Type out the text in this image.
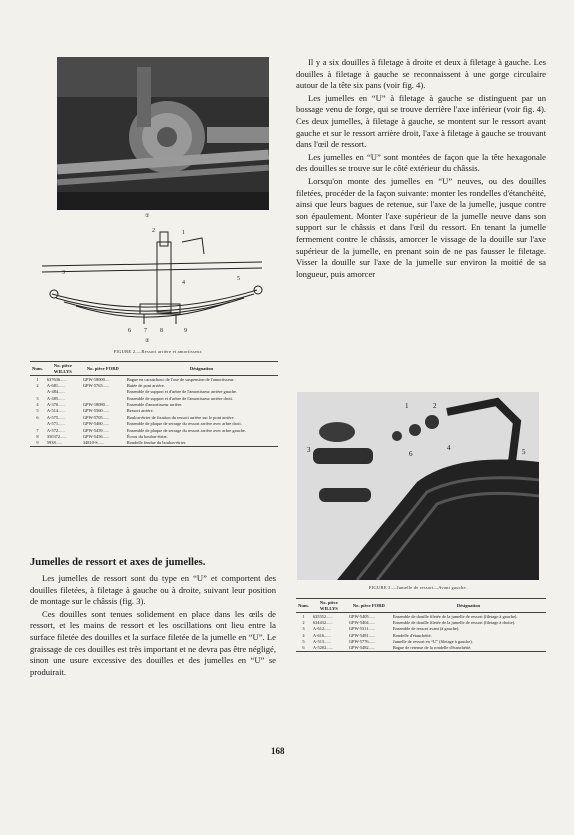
①
1
2
3
4
5
6 7 8	9
②
FIGURE 2.—Ressort arrière et amortisseur.
Num.	No. pièce WILLYS	No. pièce FORD	Désignation
1	637636......	GPW-18000....	Bague en caoutchouc de l'axe de suspension de l'amortisseur.
2	A-681......	GPW-5763......	Butée de pont arrière.
	A-484......		Ensemble de support et d'arbre de l'amortisseur arrière gauche.
3	A-485......		Ensemble de support et d'arbre de l'amortisseur arrière droit.
4	A-370......	GPW-18080....	Ensemble d'amortisseur arrière.
5	A-514......	GPW-5560......	Ressort arrière.
6	A-575......	GPW-5705......	Boulon-étrier de fixation du ressort arrière sur le pont arrière.
	A-571......	GPW-5460......	Ensemble de plaque de serrage du ressort arrière avec arbre droit.
7	A-572......	GPW-5459......	Ensemble de plaque de serrage du ressort arrière avec arbre gauche.
8	350372......	GPW-5456......	Écrou du boulon-étrier.
9	5938......	34810-S......	Rondelle fendue du boulon-étrier.
Jumelles de ressort et axes de jumelles.

Les jumelles de ressort sont du type en “U” et comportent des douilles filetées, à filetage à gauche ou à droite, suivant leur position de montage sur le châssis (fig. 3).

Ces douilles sont tenues solidement en place dans les œils de ressort, et les mains de ressort et les oscillations ont lieu entre la surface filetée des douilles et la surface filetée de la jumelle en “U”. Le graissage de ces douilles est très important et ne devra pas être négligé, sinon une usure excessive des douilles et des jumelles en “U” se produirait.

Il y a six douilles à filetage à droite et deux à filetage à gauche. Les douilles à filetage à gauche se reconnaissent à une gorge circulaire autour de la tête six pans (voir fig. 4).

Les jumelles en “U” à filetage à gauche se distinguent par un bossage venu de forge, qui se trouve derrière l'axe inférieur (voir fig. 4). Ces deux jumelles, à filetage à gauche, se montent sur le ressort avant gauche et sur le ressort arrière droit, l'axe à filetage à gauche se trouvant dans l'œil de ressort.

Les jumelles en “U” sont montées de façon que la tête hexagonale des douilles se trouve sur le côté extérieur du châssis.

Lorsqu'on monte des jumelles en “U” neuves, ou des douilles filetées, procéder de la façon suivante: monter les rondelles d'étanchéité, ainsi que leurs bagues de retenue, sur l'axe de la jumelle, jusque contre son épaulement. Monter l'axe supérieur de la jumelle neuve dans son support sur le châssis et dans l'œil du ressort. En tenant la jumelle fermement contre le châssis, amorcer le vissage de la douille sur l'axe supérieur de la jumelle, en prenant soin de ne pas fausser le filetage. Visser la douille sur l'axe de la jumelle sur environ la moitié de sa longueur, puis amorcer

1	2
3	4	5
6
FIGURE 3.—Jumelle de ressort—Avant gauche.
Num.	No. pièce WILLYS	No. pièce FORD	Désignation
1	635552......	GPW-5405......	Ensemble de douille filetée de la jumelle de ressort (filetage à gauche).
2	634432......	GPW-5404......	Ensemble de douille filetée de la jumelle de ressort (filetage à droite).
3	A-612......	GPW-5311......	Ensemble de ressort avant (à gauche).
4	A-616......	GPW-5481......	Rondelle d'étanchéité.
5	A-513......	GPW-5776......	Jumelle de ressort en “U” (filetage à gauche).
6	A-5202......	GPW-5482......	Bague de retenue de la rondelle d'étanchéité.
168
